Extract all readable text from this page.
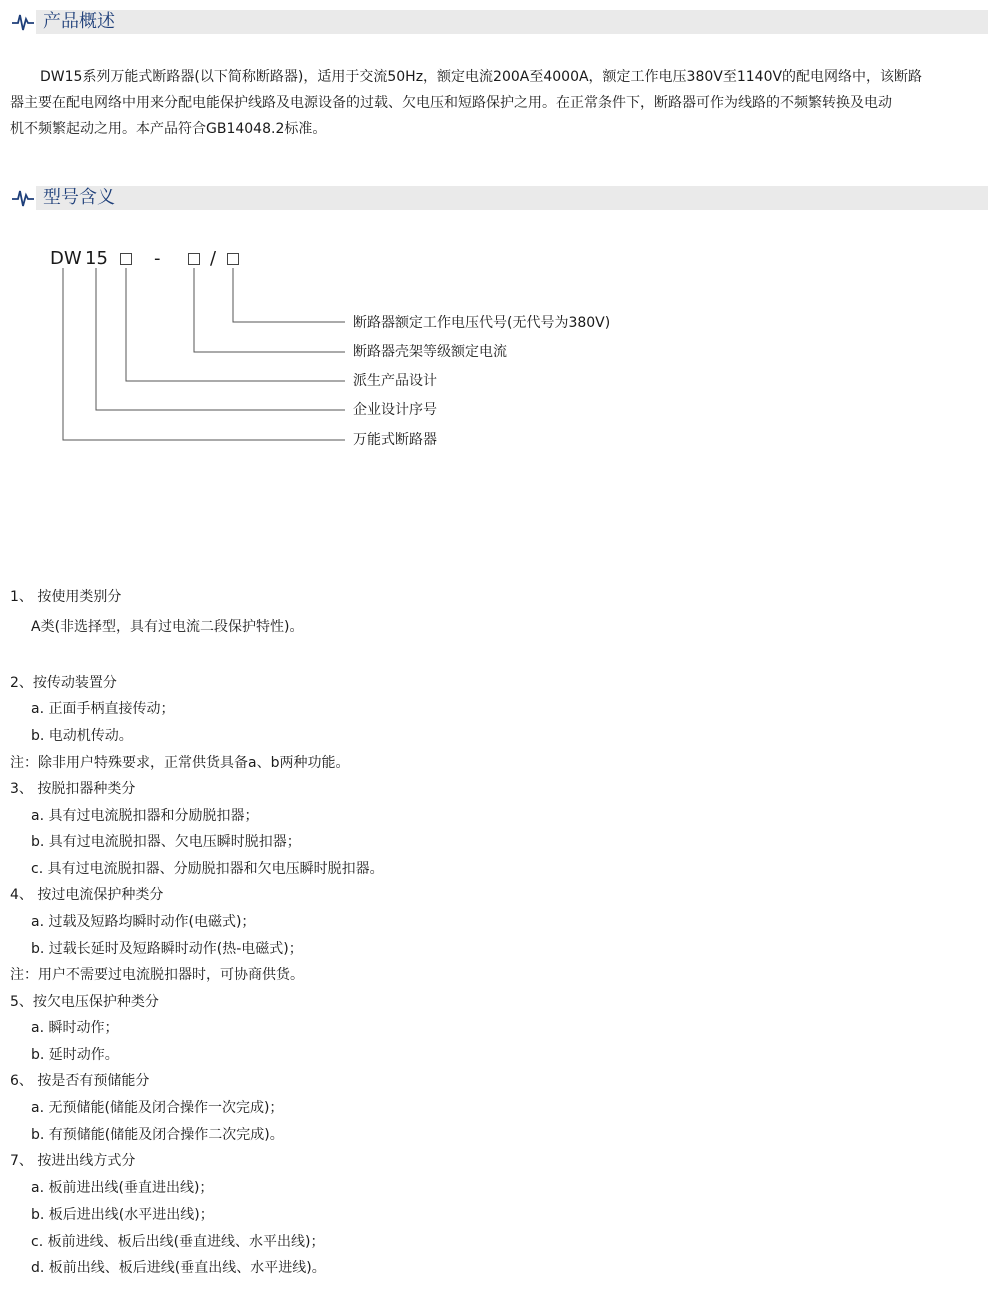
产品概述
DW15系列万能式断路器(以下简称断路器)，适用于交流50Hz，额定电流200A至4000A，额定工作电压380V至1140V的配电网络中，该断路
器主要在配电网络中用来分配电能保护线路及电源设备的过载、欠电压和短路保护之用。在正常条件下，断路器可作为线路的不频繁转换及电动
机不频繁起动之用。本产品符合GB14048.2标准。
型号含义
DW 15	-	/
断路器额定工作电压代号(无代号为380V)
断路器壳架等级额定电流
派生产品设计
企业设计序号
万能式断路器
1、 按使用类别分
A类(非选择型，具有过电流二段保护特性)。
2、按传动装置分
a. 正面手柄直接传动；
b. 电动机传动。
注：除非用户特殊要求，正常供货具备a、b两种功能。
3、 按脱扣器种类分
a. 具有过电流脱扣器和分励脱扣器；
b. 具有过电流脱扣器、欠电压瞬时脱扣器；
c. 具有过电流脱扣器、分励脱扣器和欠电压瞬时脱扣器。
4、 按过电流保护种类分
a. 过载及短路均瞬时动作(电磁式)；
b. 过载长延时及短路瞬时动作(热-电磁式)；
注：用户不需要过电流脱扣器时，可协商供货。
5、按欠电压保护种类分
a. 瞬时动作；
b. 延时动作。
6、 按是否有预储能分
a. 无预储能(储能及闭合操作一次完成)；
b. 有预储能(储能及闭合操作二次完成)。
7、 按进出线方式分
a. 板前进出线(垂直进出线)；
b. 板后进出线(水平进出线)；
c. 板前进线、板后出线(垂直进线、水平出线)；
d. 板前出线、板后进线(垂直出线、水平进线)。
